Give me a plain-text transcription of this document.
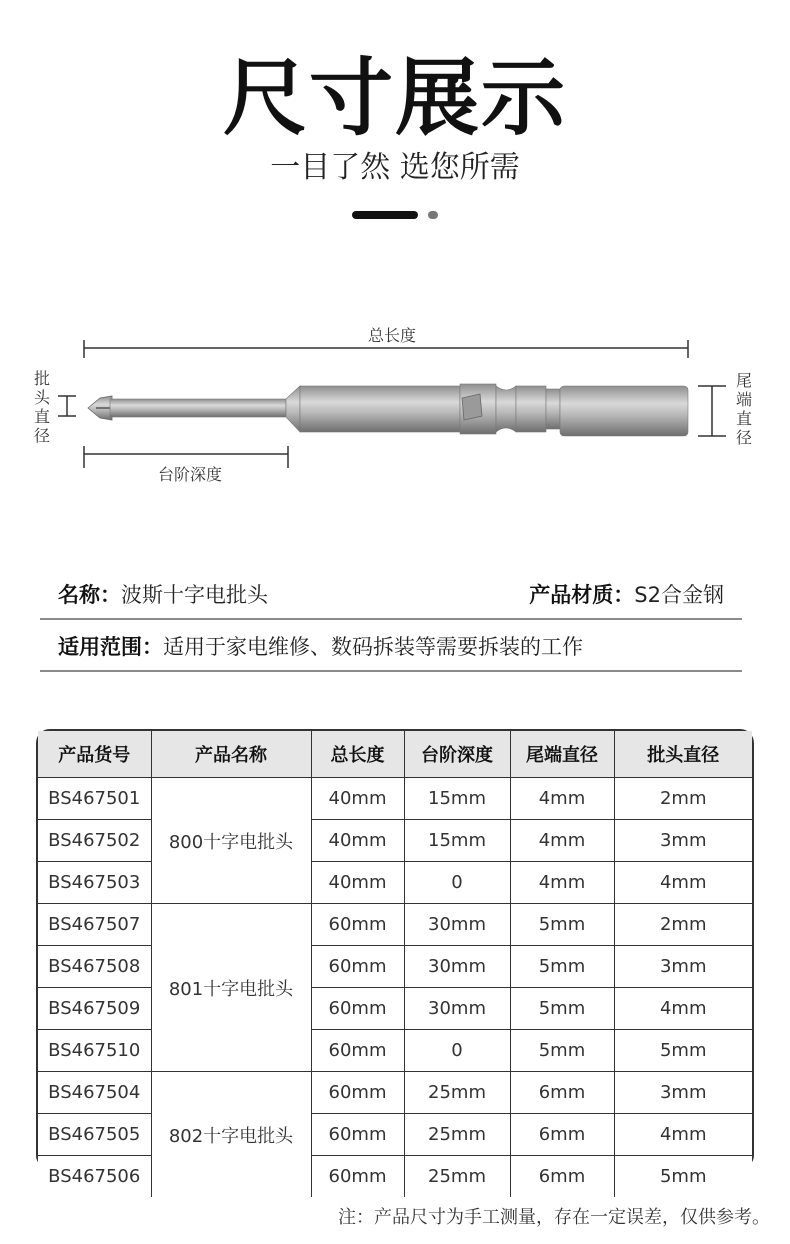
尺寸展示
一目了然 选您所需
总长度
台阶深度
批
头
直
径
尾
端
直
径
名称：波斯十字电批头	产品材质：S2合金钢
适用范围：适用于家电维修、数码拆装等需要拆装的工作
产品货号	产品名称	总长度	台阶深度	尾端直径	批头直径
BS467501	800十字电批头	40mm	15mm	4mm	2mm
BS467502		40mm	15mm	4mm	3mm
BS467503		40mm	0	4mm	4mm
BS467507	801十字电批头	60mm	30mm	5mm	2mm
BS467508		60mm	30mm	5mm	3mm
BS467509		60mm	30mm	5mm	4mm
BS467510		60mm	0	5mm	5mm
BS467504	802十字电批头	60mm	25mm	6mm	3mm
BS467505		60mm	25mm	6mm	4mm
BS467506		60mm	25mm	6mm	5mm
注：产品尺寸为手工测量，存在一定误差，仅供参考。
